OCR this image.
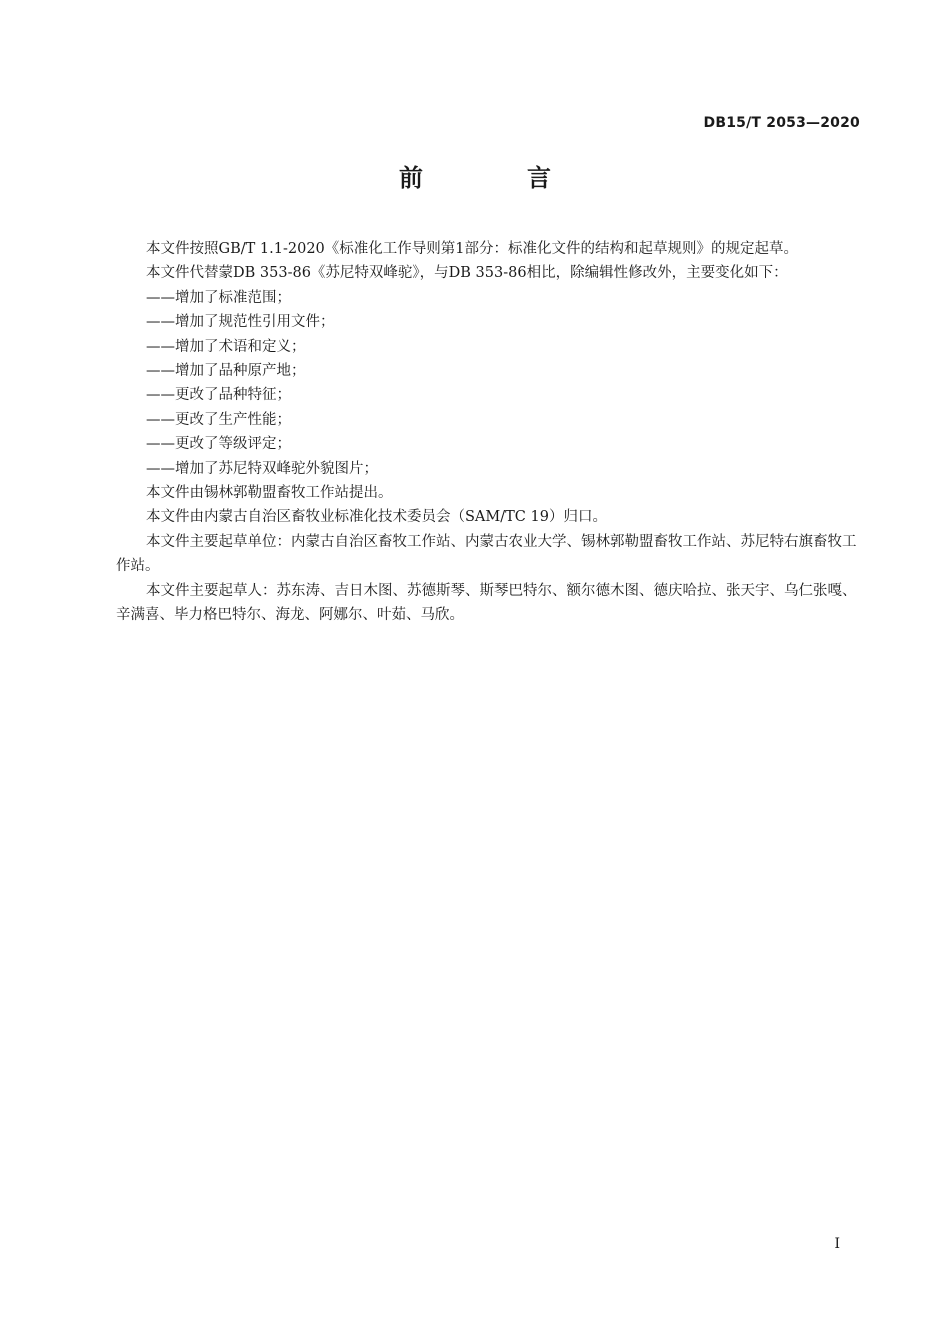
DB15/T 2053—2020
前　言

本文件按照GB/T 1.1-2020《标准化工作导则第1部分：标准化文件的结构和起草规则》的规定起草。

本文件代替蒙DB 353-86《苏尼特双峰驼》，与DB 353-86相比，除编辑性修改外，主要变化如下：

——增加了标准范围；

——增加了规范性引用文件；

——增加了术语和定义；

——增加了品种原产地；

——更改了品种特征；

——更改了生产性能；

——更改了等级评定；

——增加了苏尼特双峰驼外貌图片；

本文件由锡林郭勒盟畜牧工作站提出。

本文件由内蒙古自治区畜牧业标准化技术委员会（SAM/TC 19）归口。

本文件主要起草单位：内蒙古自治区畜牧工作站、内蒙古农业大学、锡林郭勒盟畜牧工作站、苏尼特右旗畜牧工作站。

本文件主要起草人：苏东涛、吉日木图、苏德斯琴、斯琴巴特尔、额尔德木图、德庆哈拉、张天宇、乌仁张嘎、辛满喜、毕力格巴特尔、海龙、阿娜尔、叶茹、马欣。

I
